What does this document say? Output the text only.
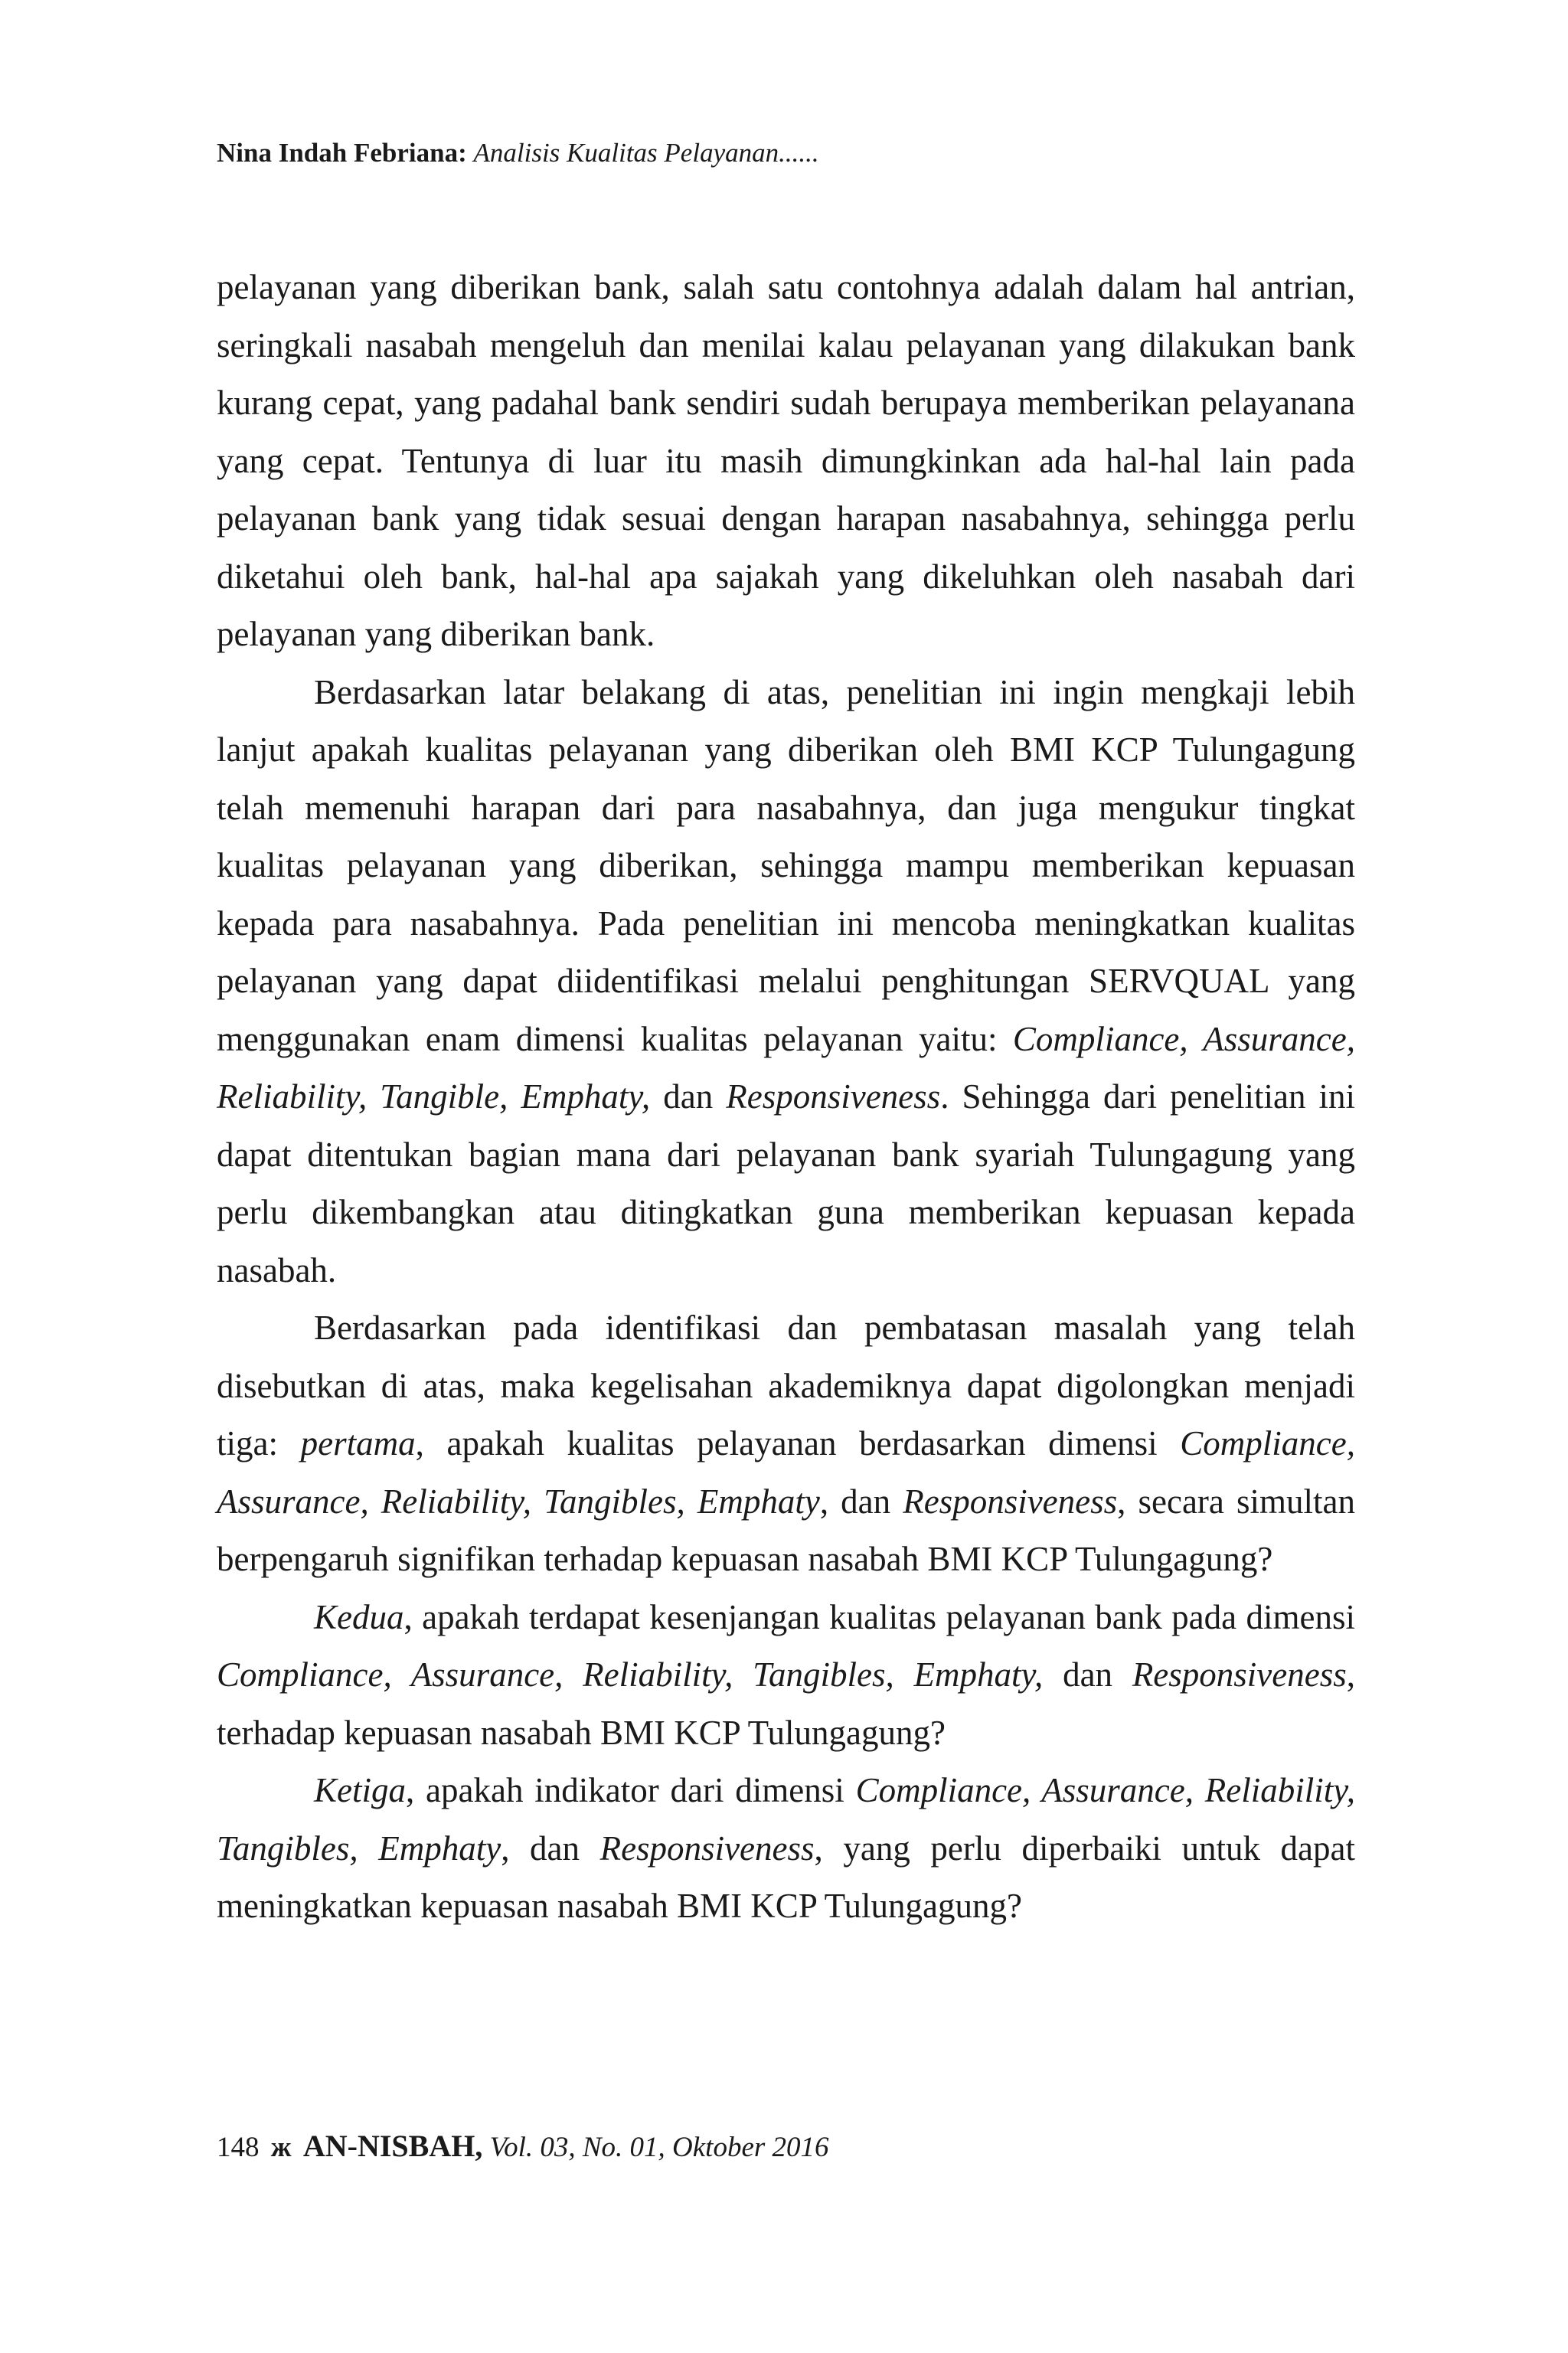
Nina Indah Febriana: Analisis Kualitas Pelayanan......

pelayanan yang diberikan bank, salah satu contohnya adalah dalam hal antrian, seringkali nasabah mengeluh dan menilai kalau pelayanan yang dilakukan bank kurang cepat, yang padahal bank sendiri sudah berupaya memberikan pelayanana yang cepat. Tentunya di luar itu masih dimungkinkan ada hal-hal lain pada pelayanan bank yang tidak sesuai dengan harapan nasabahnya, sehingga perlu diketahui oleh bank, hal-hal apa sajakah yang dikeluhkan oleh nasabah dari pelayanan yang diberikan bank.

Berdasarkan latar belakang di atas, penelitian ini ingin mengkaji lebih lanjut apakah kualitas pelayanan yang diberikan oleh BMI KCP Tulungagung telah memenuhi harapan dari para nasabahnya, dan juga mengukur tingkat kualitas pelayanan yang diberikan, sehingga mampu memberikan kepuasan kepada para nasabahnya. Pada penelitian ini mencoba meningkatkan kualitas pelayanan yang dapat diidentifikasi melalui penghitungan SERVQUAL yang menggunakan enam dimensi kualitas pelayanan yaitu: Compliance, Assurance, Reliability, Tangible, Emphaty, dan Responsiveness. Sehingga dari penelitian ini dapat ditentukan bagian mana dari pelayanan bank syariah Tulungagung yang perlu dikembangkan atau ditingkatkan guna memberikan kepuasan kepada nasabah.

Berdasarkan pada identifikasi dan pembatasan masalah yang telah disebutkan di atas, maka kegelisahan akademiknya dapat digolongkan menjadi tiga: pertama, apakah kualitas pelayanan berdasarkan dimensi Compliance, Assurance, Reliability, Tangibles, Emphaty, dan Responsiveness, secara simultan berpengaruh signifikan terhadap kepuasan nasabah BMI KCP Tulungagung?

Kedua, apakah terdapat kesenjangan kualitas pelayanan bank pada dimensi Compliance, Assurance, Reliability, Tangibles, Emphaty, dan Responsiveness, terhadap kepuasan nasabah BMI KCP Tulungagung?

Ketiga, apakah indikator dari dimensi Compliance, Assurance, Reliability, Tangibles, Emphaty, dan Responsiveness, yang perlu diperbaiki untuk dapat meningkatkan kepuasan nasabah BMI KCP Tulungagung?

148 ж AN-NISBAH, Vol. 03, No. 01, Oktober 2016
